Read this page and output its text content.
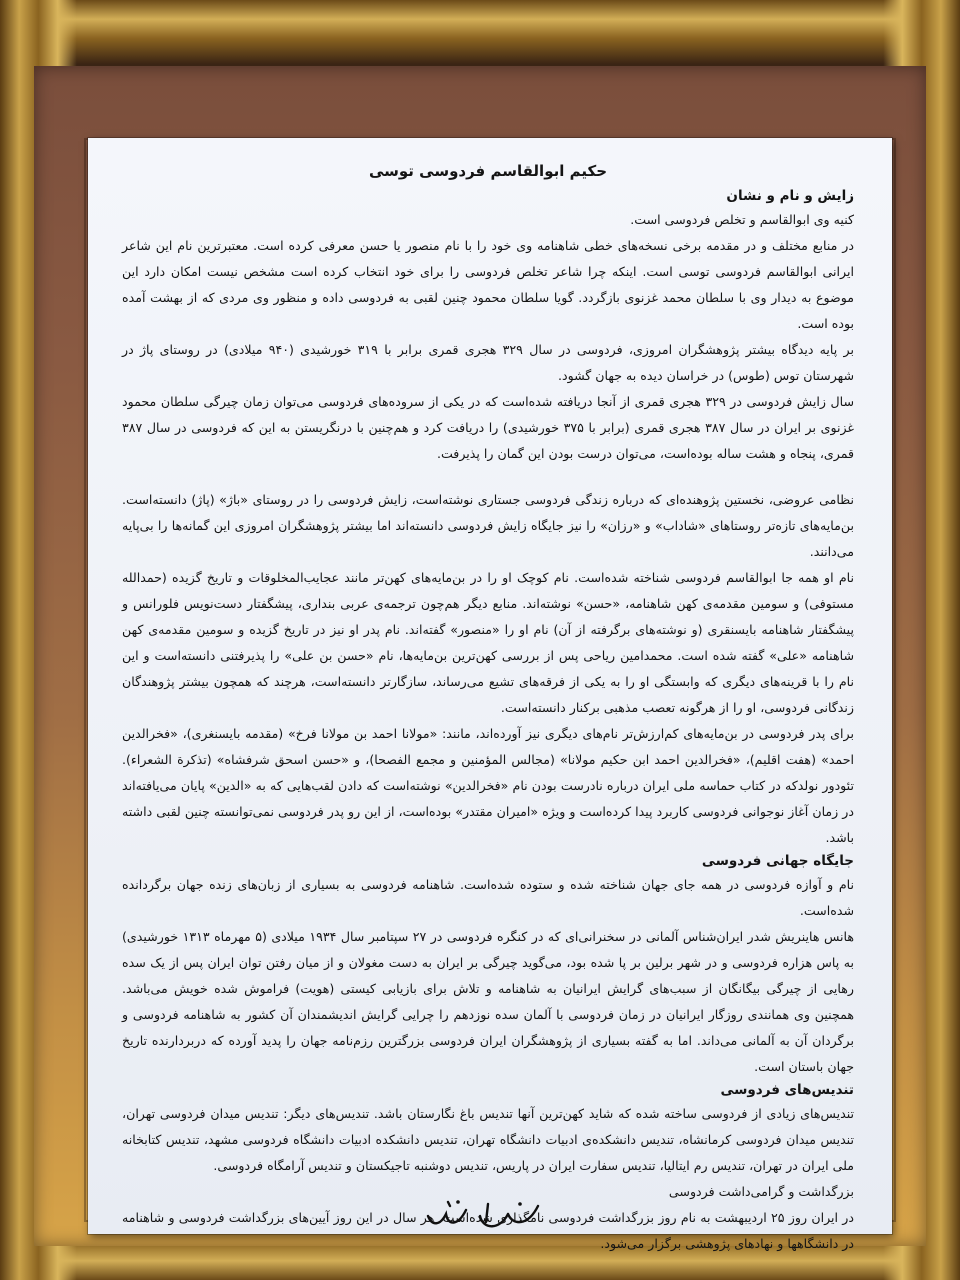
حکیم ابوالقاسم فردوسی توسی
زایش و نام و نشان

کنیه وی ابوالقاسم و تخلص فردوسی است.

در منابع مختلف و در مقدمه برخی نسخه‌های خطی شاهنامه وی خود را با نام منصور یا حسن معرفی کرده است. معتبرترین نام این شاعر ایرانی ابوالقاسم فردوسی توسی است. اینکه چرا شاعر تخلص فردوسی را برای خود انتخاب کرده است مشخص نیست امکان دارد این موضوع به دیدار وی با سلطان محمد غزنوی بازگردد. گویا سلطان محمود چنین لقبی به فردوسی داده و منظور وی مردی که از بهشت آمده بوده است.

بر پایه دیدگاه بیشتر پژوهشگران امروزی، فردوسی در سال ۳۲۹ هجری قمری برابر با ۳۱۹ خورشیدی (۹۴۰ میلادی) در روستای پاژ در شهرستان توس (طوس) در خراسان دیده به جهان گشود.

سال زایش فردوسی در ۳۲۹ هجری قمری از آنجا دریافته شده‌است که در یکی از سروده‌های فردوسی می‌توان زمان چیرگی سلطان محمود غزنوی بر ایران در سال ۳۸۷ هجری قمری (برابر با ۳۷۵ خورشیدی) را دریافت کرد و هم‌چنین با درنگریستن به این که فردوسی در سال ۳۸۷ قمری، پنجاه و هشت ساله بوده‌است، می‌توان درست بودن این گمان را پذیرفت.

نظامی عروضی، نخستین پژوهنده‌ای که درباره زندگی فردوسی جستاری نوشته‌است، زایش فردوسی را در روستای «باژ» (پاژ) دانسته‌است. بن‌مایه‌های تازه‌تر روستاهای «شاداب» و «رزان» را نیز جایگاه زایش فردوسی دانسته‌اند اما بیشتر پژوهشگران امروزی این گمانه‌ها را بی‌پایه می‌دانند.

نام او همه جا ابوالقاسم فردوسی شناخته شده‌است. نام کوچک او را در بن‌مایه‌های کهن‌تر مانند عجایب‌المخلوقات و تاریخ گزیده (حمدالله مستوفی) و سومین مقدمه‌ی کهن شاهنامه، «حسن» نوشته‌اند. منابع دیگر هم‌چون ترجمه‌ی عربی بنداری، پیشگفتار دست‌نویس فلورانس و پیشگفتار شاهنامه بایسنقری (و نوشته‌های برگرفته از آن) نام او را «منصور» گفته‌اند. نام پدر او نیز در تاریخ گزیده و سومین مقدمه‌ی کهن شاهنامه «علی» گفته شده است. محمدامین ریاحی پس از بررسی کهن‌ترین بن‌مایه‌ها، نام «حسن بن علی» را پذیرفتنی دانسته‌است و این نام را با قرینه‌های دیگری که وابستگی او را به یکی از فرقه‌های تشیع می‌رساند، سازگارتر دانسته‌است، هرچند که همچون بیشتر پژوهندگان زندگانی فردوسی، او را از هرگونه تعصب مذهبی برکنار دانسته‌است.

برای پدر فردوسی در بن‌مایه‌های کم‌ارزش‌تر نام‌های دیگری نیز آورده‌اند، مانند: «مولانا احمد بن مولانا فرخ» (مقدمه بایسنغری)، «فخرالدین احمد» (هفت اقلیم)، «فخرالدین احمد ابن حکیم مولانا» (مجالس المؤمنین و مجمع الفصحا)، و «حسن اسحق شرفشاه» (تذکرة الشعراء). تئودور نولدکه در کتاب حماسه ملی ایران درباره نادرست بودن نام «فخرالدین» نوشته‌است که دادن لقب‌هایی که به «الدین» پایان می‌یافته‌اند در زمان آغاز نوجوانی فردوسی کاربرد پیدا کرده‌است و ویژه «امیران مقتدر» بوده‌است، از این رو پدر فردوسی نمی‌توانسته چنین لقبی داشته باشد.

جایگاه جهانی فردوسی

نام و آوازه فردوسی در همه جای جهان شناخته شده و ستوده شده‌است. شاهنامه فردوسی به بسیاری از زبان‌های زنده جهان برگردانده شده‌است.

هانس هاینریش شدر ایران‌شناس آلمانی در سخنرانی‌ای که در کنگره فردوسی در ۲۷ سپتامبر سال ۱۹۳۴ میلادی (۵ مهرماه ۱۳۱۳ خورشیدی) به پاس هزاره فردوسی و در شهر برلین بر پا شده بود، می‌گوید چیرگی بر ایران به دست مغولان و از میان رفتن توان ایران پس از یک سده رهایی از چیرگی بیگانگان از سبب‌های گرایش ایرانیان به شاهنامه و تلاش برای بازیابی کیستی (هویت) فراموش شده خویش می‌باشد. همچنین وی همانندی روزگار ایرانیان در زمان فردوسی با آلمان سده نوزدهم را چرایی گرایش اندیشمندان آن کشور به شاهنامه فردوسی و برگردان آن به آلمانی می‌داند. اما به گفته بسیاری از پژوهشگران ایران فردوسی بزرگترین رزم‌نامه جهان را پدید آورده که دربردارنده تاریخ جهان باستان است.

تندیس‌های فردوسی

تندیس‌های زیادی از فردوسی ساخته شده که شاید کهن‌ترین آنها تندیس باغ نگارستان باشد. تندیس‌های دیگر: تندیس میدان فردوسی تهران، تندیس میدان فردوسی کرمانشاه، تندیس دانشکده‌ی ادبیات دانشگاه تهران، تندیس دانشکده ادبیات دانشگاه فردوسی مشهد، تندیس کتابخانه ملی ایران در تهران، تندیس رم ایتالیا، تندیس سفارت ایران در پاریس، تندیس دوشنبه تاجیکستان و تندیس آرامگاه فردوسی.

بزرگداشت و گرامی‌داشت فردوسی

در ایران روز ۲۵ اردیبهشت به نام روز بزرگداشت فردوسی نامگذاری شده‌است. هر سال در این روز آیین‌های بزرگداشت فردوسی و شاهنامه در دانشگاهها و نهادهای پژوهشی برگزار می‌شود.
